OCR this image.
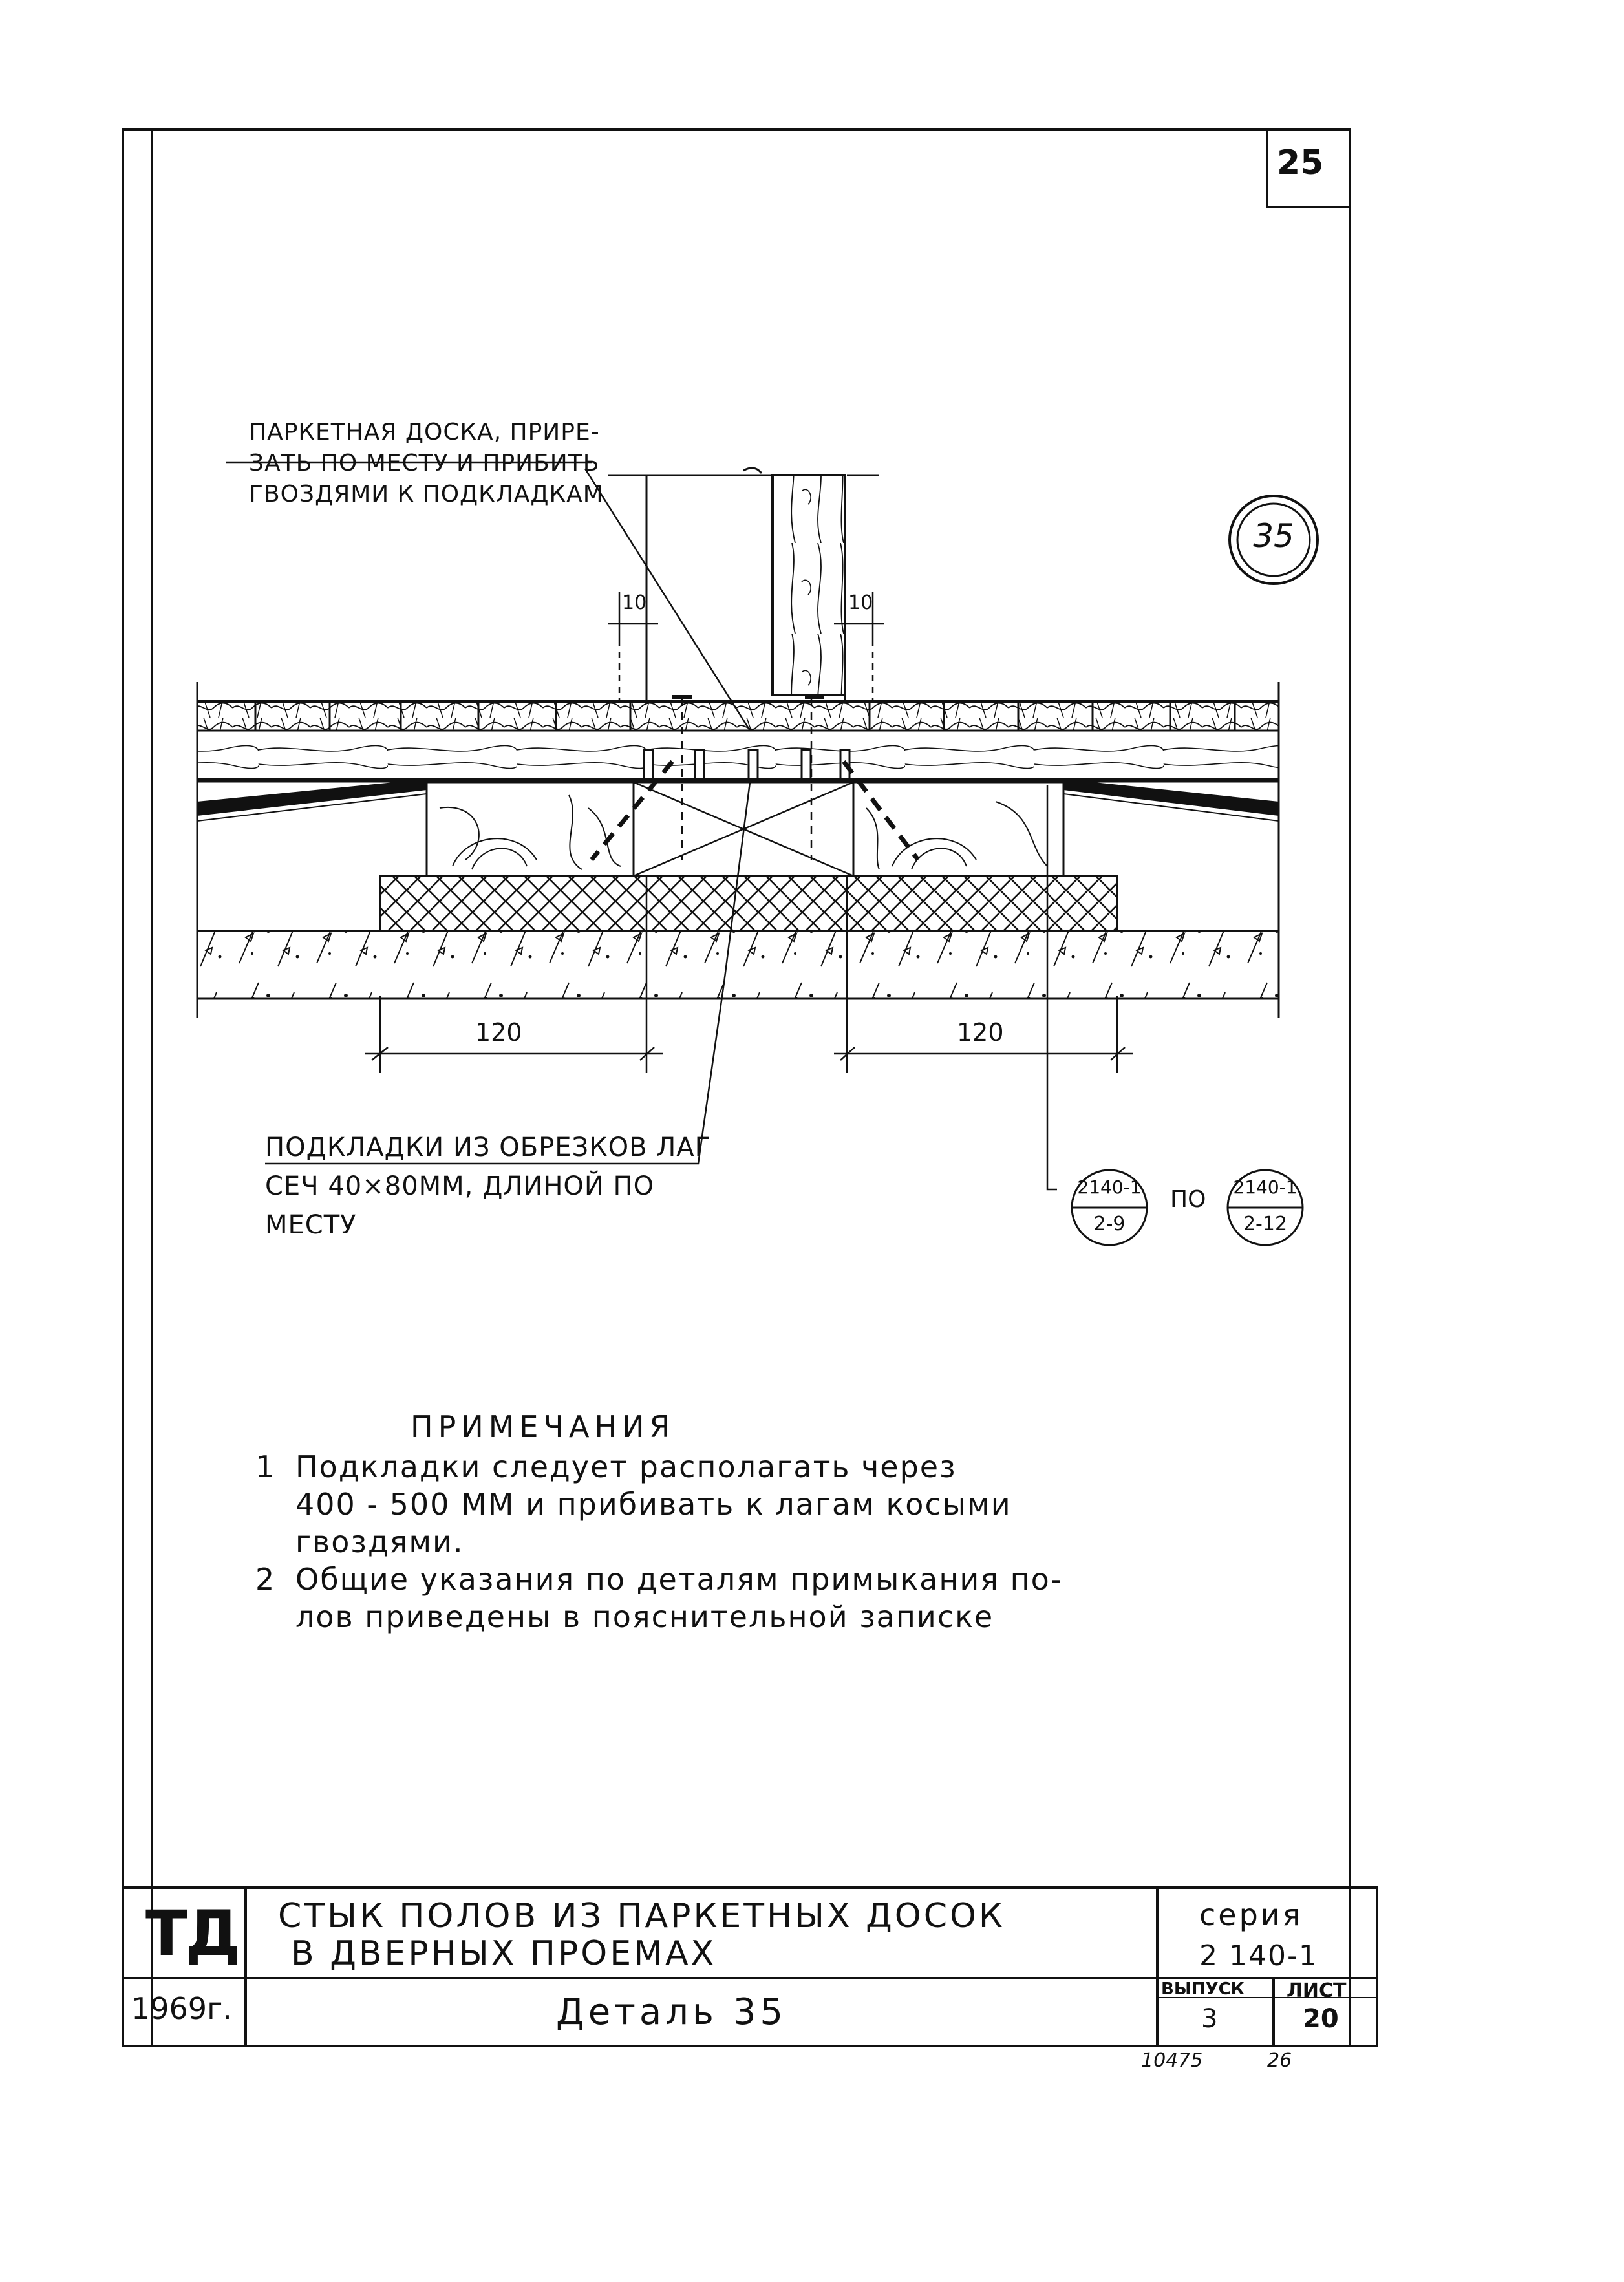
25
35
ПАРКЕТНАЯ ДОСКА, ПРИРЕ-
ЗАТЬ ПО МЕСТУ И ПРИБИТЬ
ГВОЗДЯМИ К ПОДКЛАДКАМ
10	10
120	120
ПОДКЛАДКИ ИЗ ОБРЕЗКОВ ЛАГ
СЕЧ 40×80ММ, ДЛИНОЙ ПО
МЕСТУ
2140-1
2-9
ПО 2140-1
2-12
ПРИМЕЧАНИЯ
1 Подкладки следует располагать через
400 - 500 ММ и прибивать к лагам косыми
гвоздями.
2 Общие указания по деталям примыкания по-
лов приведены в пояснительной записке
ТД
1969г.
СТЫК ПОЛОВ ИЗ ПАРКЕТНЫХ ДОСОК
В ДВЕРНЫХ ПРОЕМАХ
Деталь 35
серия
2 140-1
ВЫПУСК
3
ЛИСТ
20
10475	26
